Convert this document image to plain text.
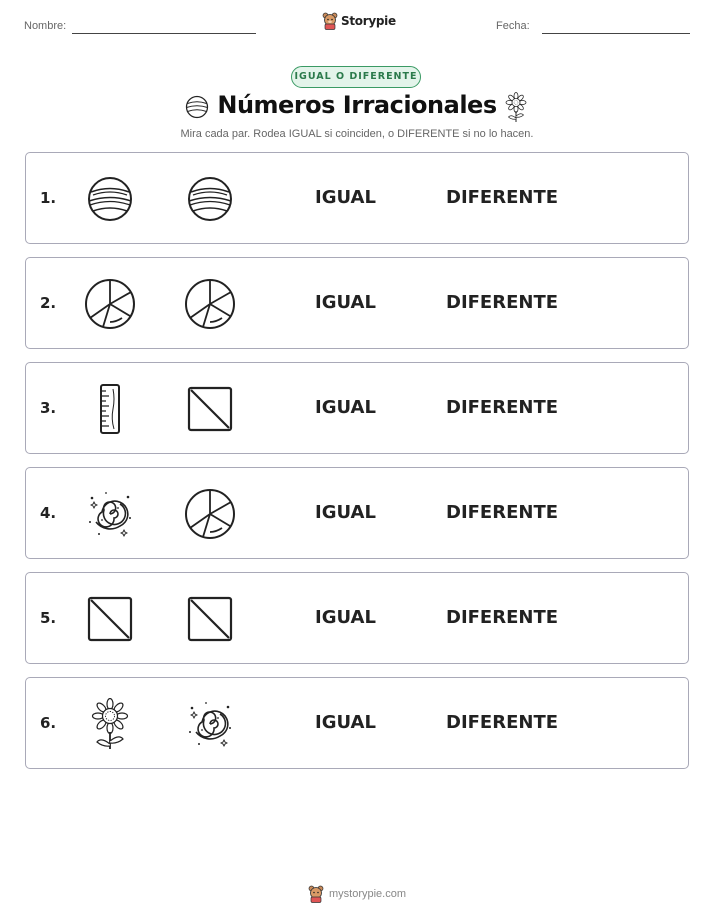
Nombre:	Storypie	Fecha:
IGUAL O DIFERENTE
Números Irracionales
Mira cada par. Rodea IGUAL si coinciden, o DIFERENTE si no lo hacen.
1.	IGUAL	DIFERENTE
2.	IGUAL	DIFERENTE
3.	IGUAL	DIFERENTE
4.	IGUAL	DIFERENTE
5.	IGUAL	DIFERENTE
6.	IGUAL	DIFERENTE
mystorypie.com
